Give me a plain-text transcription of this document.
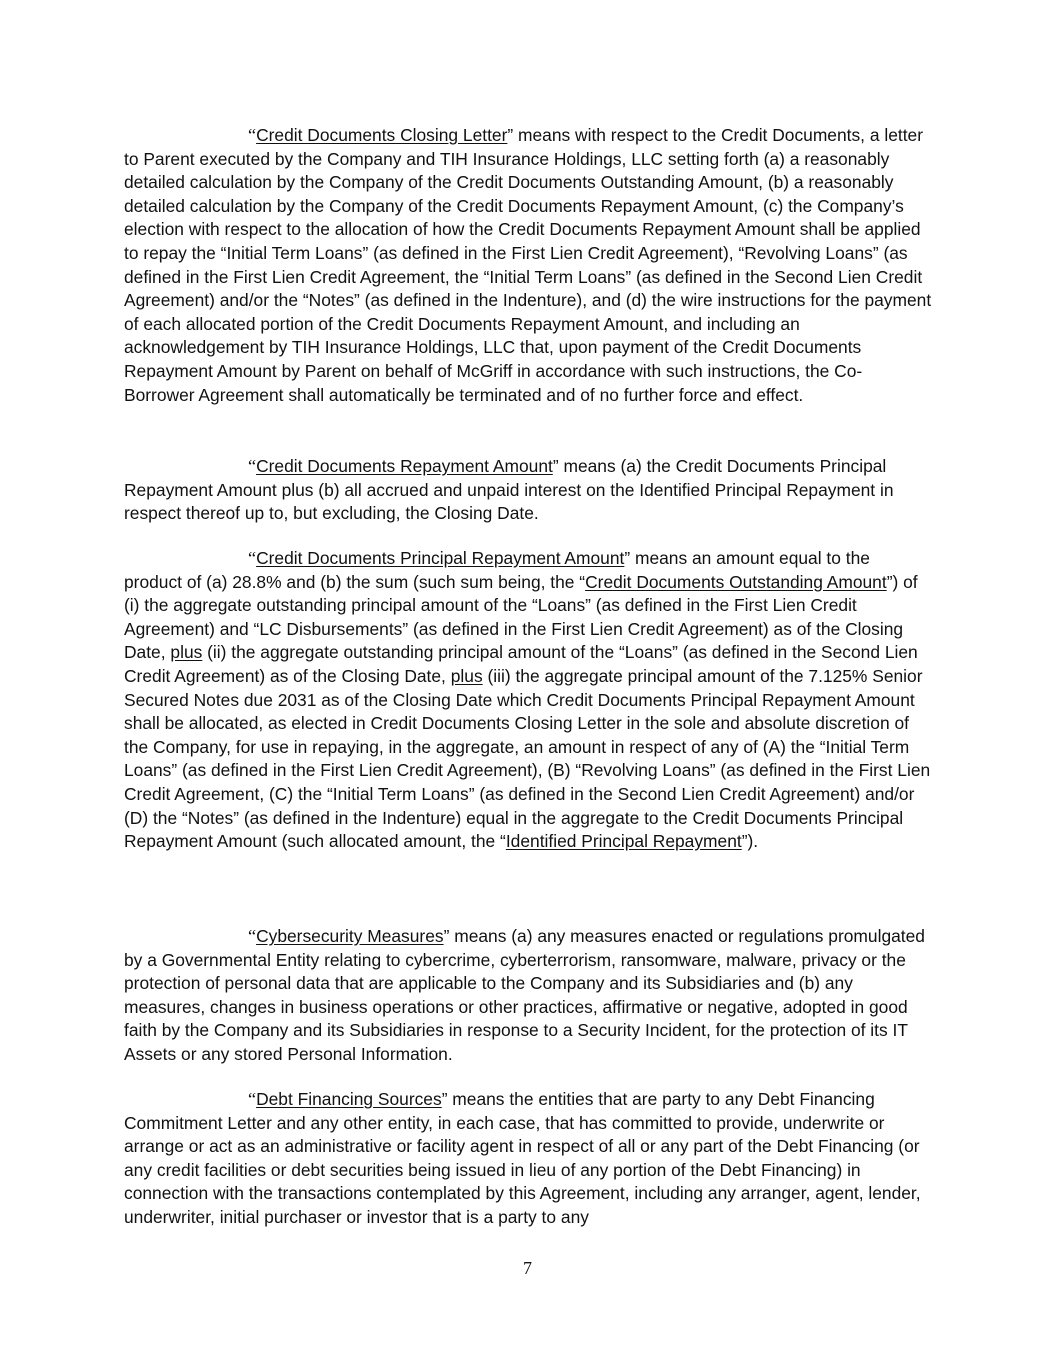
“Credit Documents Closing Letter” means with respect to the Credit Documents, a letter to Parent executed by the Company and TIH Insurance Holdings, LLC setting forth (a) a reasonably detailed calculation by the Company of the Credit Documents Outstanding Amount, (b) a reasonably detailed calculation by the Company of the Credit Documents Repayment Amount, (c) the Company’s election with respect to the allocation of how the Credit Documents Repayment Amount shall be applied to repay the “Initial Term Loans” (as defined in the First Lien Credit Agreement), “Revolving Loans” (as defined in the First Lien Credit Agreement, the “Initial Term Loans” (as defined in the Second Lien Credit Agreement) and/or the “Notes” (as defined in the Indenture), and (d) the wire instructions for the payment of each allocated portion of the Credit Documents Repayment Amount, and including an acknowledgement by TIH Insurance Holdings, LLC that, upon payment of the Credit Documents Repayment Amount by Parent on behalf of McGriff in accordance with such instructions, the Co-Borrower Agreement shall automatically be terminated and of no further force and effect.

“Credit Documents Repayment Amount” means (a) the Credit Documents Principal Repayment Amount plus (b) all accrued and unpaid interest on the Identified Principal Repayment in respect thereof up to, but excluding, the Closing Date.

“Credit Documents Principal Repayment Amount” means an amount equal to the product of (a) 28.8% and (b) the sum (such sum being, the “Credit Documents Outstanding Amount”) of (i) the aggregate outstanding principal amount of the “Loans” (as defined in the First Lien Credit Agreement) and “LC Disbursements” (as defined in the First Lien Credit Agreement) as of the Closing Date, plus (ii) the aggregate outstanding principal amount of the “Loans” (as defined in the Second Lien Credit Agreement) as of the Closing Date, plus (iii) the aggregate principal amount of the 7.125% Senior Secured Notes due 2031 as of the Closing Date which Credit Documents Principal Repayment Amount shall be allocated, as elected in Credit Documents Closing Letter in the sole and absolute discretion of the Company, for use in repaying, in the aggregate, an amount in respect of any of (A) the “Initial Term Loans” (as defined in the First Lien Credit Agreement), (B) “Revolving Loans” (as defined in the First Lien Credit Agreement, (C) the “Initial Term Loans” (as defined in the Second Lien Credit Agreement) and/or (D) the “Notes” (as defined in the Indenture) equal in the aggregate to the Credit Documents Principal Repayment Amount (such allocated amount, the “Identified Principal Repayment”).

“Cybersecurity Measures” means (a) any measures enacted or regulations promulgated by a Governmental Entity relating to cybercrime, cyberterrorism, ransomware, malware, privacy or the protection of personal data that are applicable to the Company and its Subsidiaries and (b) any measures, changes in business operations or other practices, affirmative or negative, adopted in good faith by the Company and its Subsidiaries in response to a Security Incident, for the protection of its IT Assets or any stored Personal Information.

“Debt Financing Sources” means the entities that are party to any Debt Financing Commitment Letter and any other entity, in each case, that has committed to provide, underwrite or arrange or act as an administrative or facility agent in respect of all or any part of the Debt Financing (or any credit facilities or debt securities being issued in lieu of any portion of the Debt Financing) in connection with the transactions contemplated by this Agreement, including any arranger, agent, lender, underwriter, initial purchaser or investor that is a party to any

7
